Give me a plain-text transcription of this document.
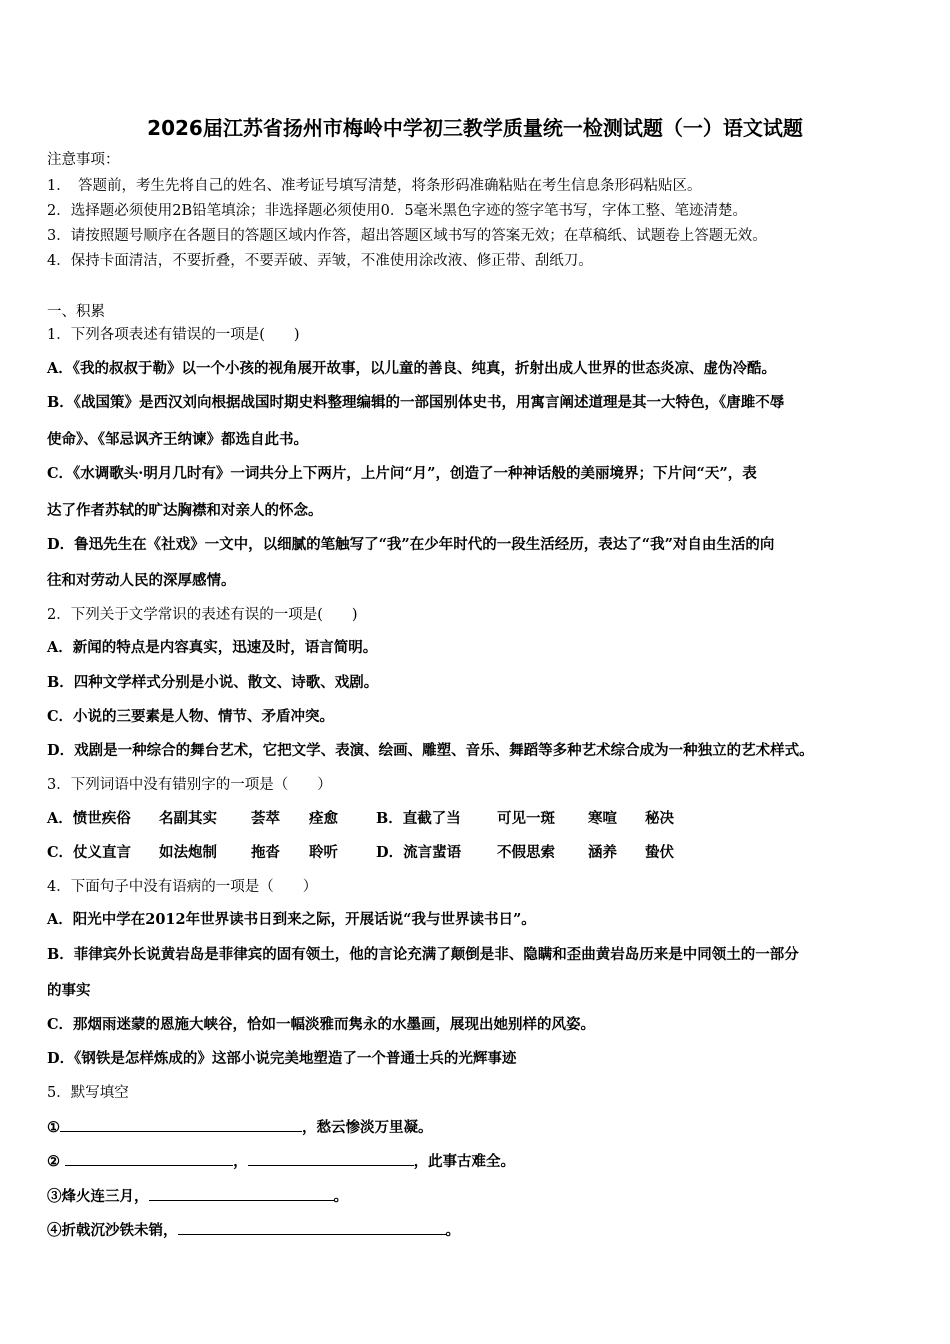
2026届江苏省扬州市梅岭中学初三教学质量统一检测试题（一）语文试题
注意事项：
1．　答题前，考生先将自己的姓名、准考证号填写清楚，将条形码准确粘贴在考生信息条形码粘贴区。
2．选择题必须使用2B铅笔填涂；非选择题必须使用0．5毫米黑色字迹的签字笔书写，字体工整、笔迹清楚。
3．请按照题号顺序在各题目的答题区域内作答，超出答题区域书写的答案无效；在草稿纸、试题卷上答题无效。
4．保持卡面清洁，不要折叠，不要弄破、弄皱，不准使用涂改液、修正带、刮纸刀。
一、积累
1．下列各项表述有错误的一项是(　　)
A．《我的叔叔于勒》以一个小孩的视角展开故事，以儿童的善良、纯真，折射出成人世界的世态炎凉、虚伪冷酷。
B．《战国策》是西汉刘向根据战国时期史料整理编辑的一部国别体史书，用寓言阐述道理是其一大特色，《唐雎不辱
使命》、《邹忌讽齐王纳谏》都选自此书。
C．《水调歌头·明月几时有》一词共分上下两片，上片问“月”，创造了一种神话般的美丽境界；下片问“天”，表
达了作者苏轼的旷达胸襟和对亲人的怀念。
D．鲁迅先生在《社戏》一文中，以细腻的笔触写了“我”在少年时代的一段生活经历，表达了“我”对自由生活的向
往和对劳动人民的深厚感情。
2．下列关于文学常识的表述有误的一项是(　　)
A．新闻的特点是内容真实，迅速及时，语言简明。
B．四种文学样式分别是小说、散文、诗歌、戏剧。
C．小说的三要素是人物、情节、矛盾冲突。
D．戏剧是一种综合的舞台艺术，它把文学、表演、绘画、雕塑、音乐、舞蹈等多种艺术综合成为一种独立的艺术样式。
3．下列词语中没有错别字的一项是（　　）
A．愤世疾俗 名副其实 荟萃 痊愈	B．直截了当 可见一斑 寒喧 秘决
C．仗义直言 如法炮制 拖沓 聆听	D．流言蜚语 不假思索 涵养 蛰伏
4．下面句子中没有语病的一项是（　　）
A．阳光中学在2012年世界读书日到来之际，开展话说“我与世界读书日”。
B．菲律宾外长说黄岩岛是菲律宾的固有领土，他的言论充满了颠倒是非、隐瞒和歪曲黄岩岛历来是中同领土的一部分
的事实
C．那烟雨迷蒙的恩施大峡谷，恰如一幅淡雅而隽永的水墨画，展现出她别样的风姿。
D．《钢铁是怎样炼成的》这部小说完美地塑造了一个普通士兵的光辉事迹
5．默写填空
①	，愁云惨淡万里凝。
②	，	，此事古难全。
③烽火连三月，	。
④折戟沉沙铁未销，	。
